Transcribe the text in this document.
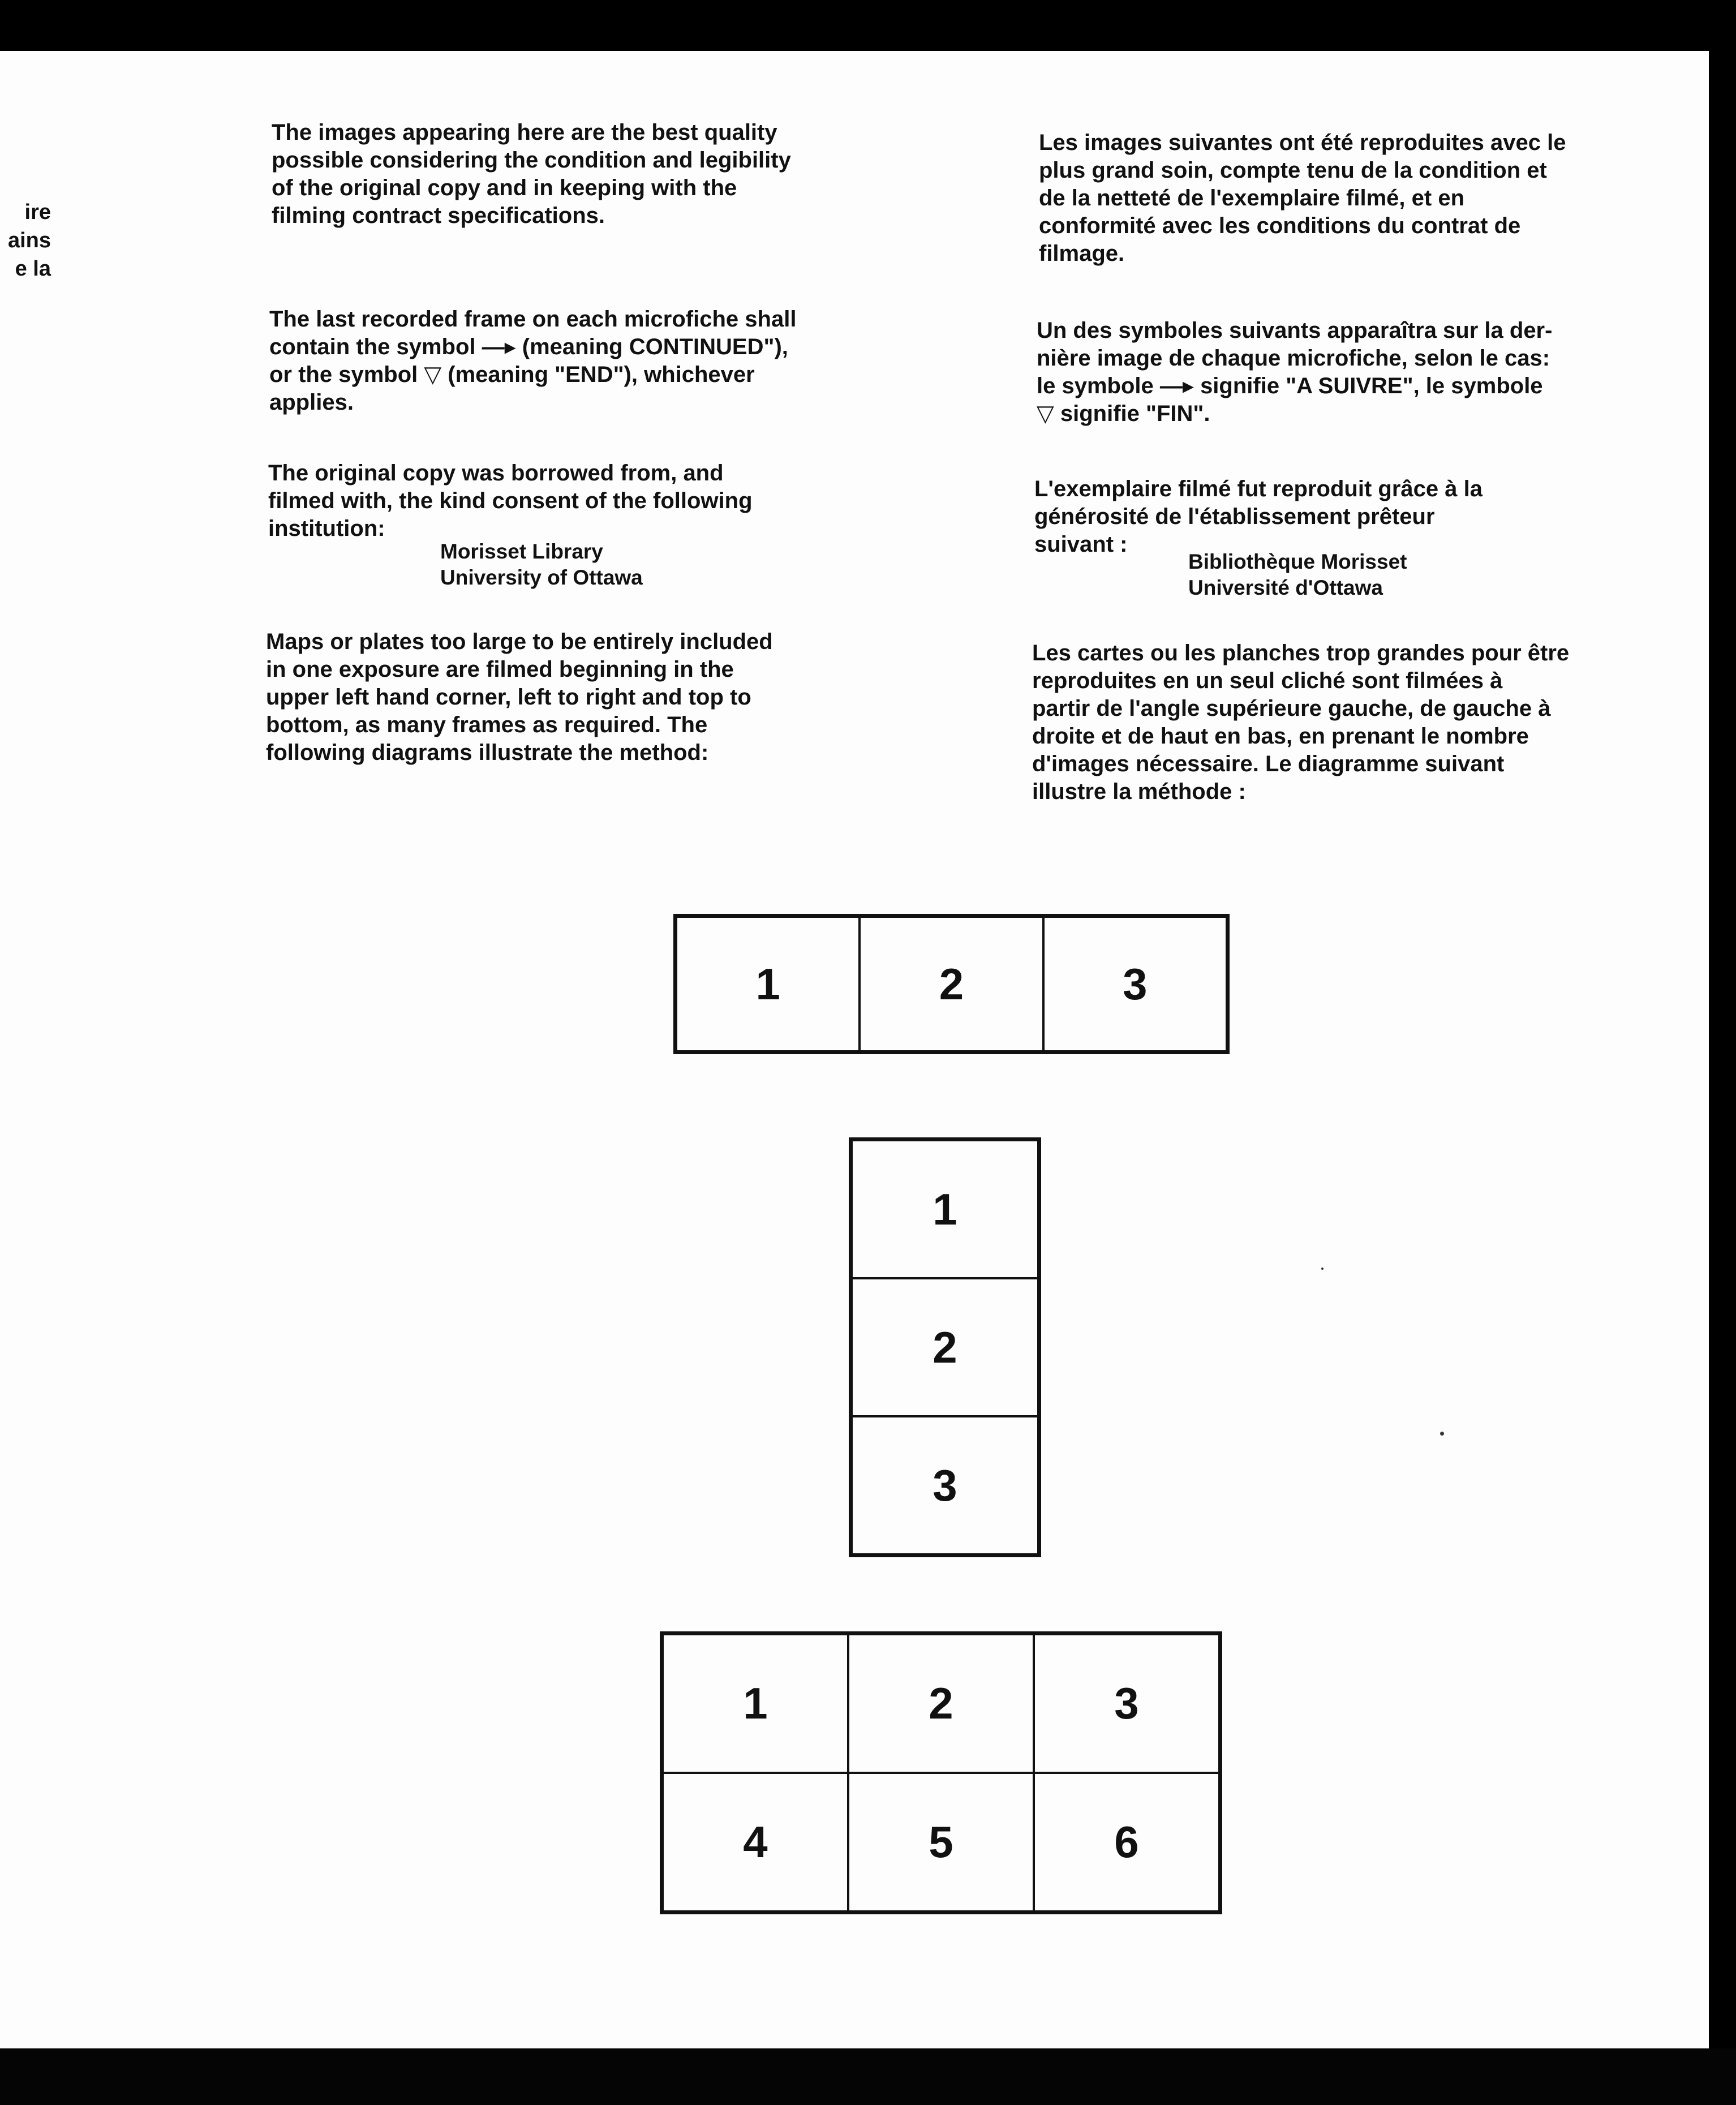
ire
ains
e la
The images appearing here are the best quality
possible considering the condition and legibility
of the original copy and in keeping with the
filming contract specifications.
The last recorded frame on each microfiche shall
contain the symbol —▸ (meaning CONTINUED"),
or the symbol ▽ (meaning "END"), whichever
applies.
The original copy was borrowed from, and
filmed with, the kind consent of the following
institution:
Morisset Library
University of Ottawa
Maps or plates too large to be entirely included
in one exposure are filmed beginning in the
upper left hand corner, left to right and top to
bottom, as many frames as required. The
following diagrams illustrate the method:
Les images suivantes ont été reproduites avec le
plus grand soin, compte tenu de la condition et
de la netteté de l'exemplaire filmé, et en
conformité avec les conditions du contrat de
filmage.
Un des symboles suivants apparaîtra sur la der-
nière image de chaque microfiche, selon le cas:
le symbole —▸ signifie "A SUIVRE", le symbole
▽ signifie "FIN".
L'exemplaire filmé fut reproduit grâce à la
générosité de l'établissement prêteur
suivant :
Bibliothèque Morisset
Université d'Ottawa
Les cartes ou les planches trop grandes pour être
reproduites en un seul cliché sont filmées à
partir de l'angle supérieure gauche, de gauche à
droite et de haut en bas, en prenant le nombre
d'images nécessaire. Le diagramme suivant
illustre la méthode :
1	2	3
1
2
3
1	2	3
4	5	6
